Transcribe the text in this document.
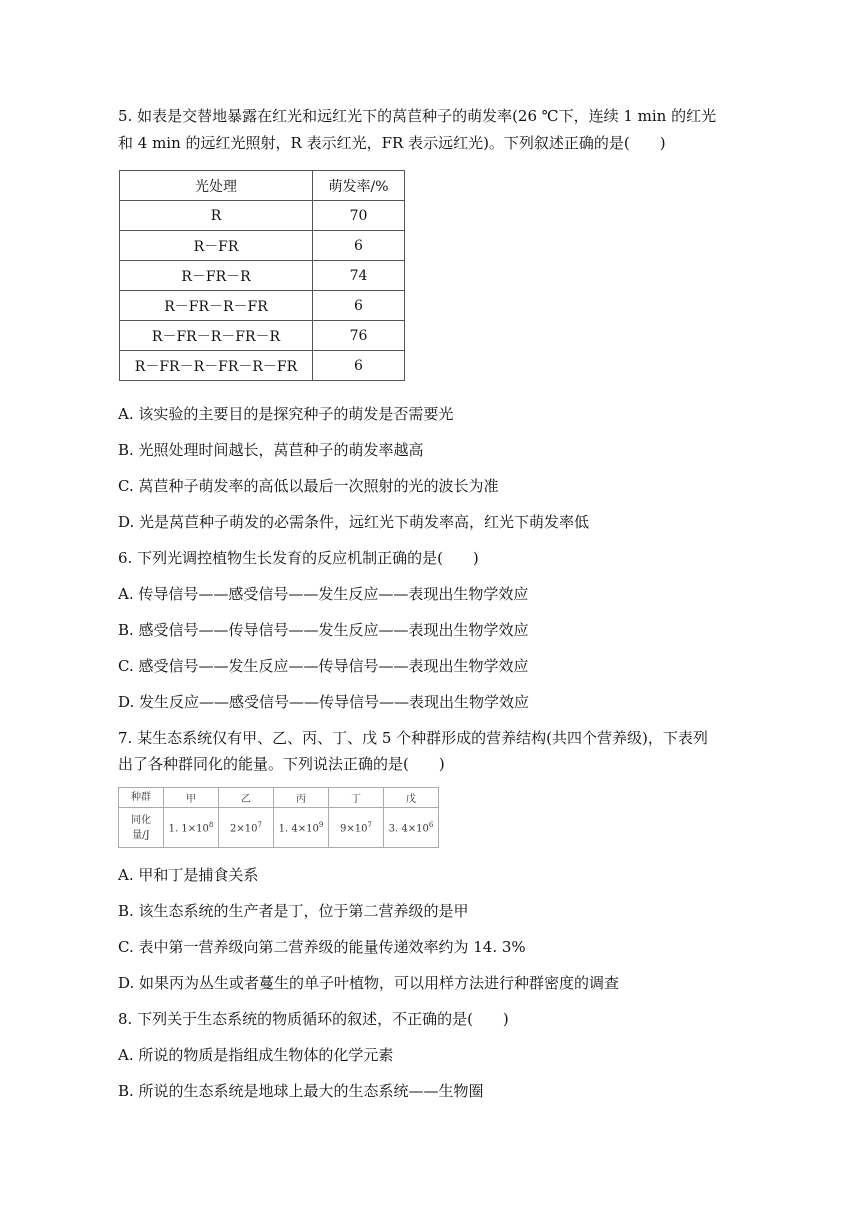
5. 如表是交替地暴露在红光和远红光下的莴苣种子的萌发率(26 ℃下，连续 1 min 的红光
和 4 min 的远红光照射，R 表示红光，FR 表示远红光)。下列叙述正确的是(　　)
光处理	萌发率/%
R	70
R－FR	6
R－FR－R	74
R－FR－R－FR	6
R－FR－R－FR－R	76
R－FR－R－FR－R－FR	6
A. 该实验的主要目的是探究种子的萌发是否需要光
B. 光照处理时间越长，莴苣种子的萌发率越高
C. 莴苣种子萌发率的高低以最后一次照射的光的波长为准
D. 光是莴苣种子萌发的必需条件，远红光下萌发率高，红光下萌发率低
6. 下列光调控植物生长发育的反应机制正确的是(　　)
A. 传导信号——感受信号——发生反应——表现出生物学效应
B. 感受信号——传导信号——发生反应——表现出生物学效应
C. 感受信号——发生反应——传导信号——表现出生物学效应
D. 发生反应——感受信号——传导信号——表现出生物学效应
7. 某生态系统仅有甲、乙、丙、丁、戊 5 个种群形成的营养结构(共四个营养级)，下表列
出了各种群同化的能量。下列说法正确的是(　　)
种群	甲	乙	丙	丁	戊
同化
量/J	1. $1\times 10^8$	$2\times 10^7$	1. $4\times 10^9$	$9\times 10^7$	3. $4\times 10^6$
A. 甲和丁是捕食关系
B. 该生态系统的生产者是丁，位于第二营养级的是甲
C. 表中第一营养级向第二营养级的能量传递效率约为 14. 3%
D. 如果丙为丛生或者蔓生的单子叶植物，可以用样方法进行种群密度的调查
8. 下列关于生态系统的物质循环的叙述，不正确的是(　　)
A. 所说的物质是指组成生物体的化学元素
B. 所说的生态系统是地球上最大的生态系统——生物圈
